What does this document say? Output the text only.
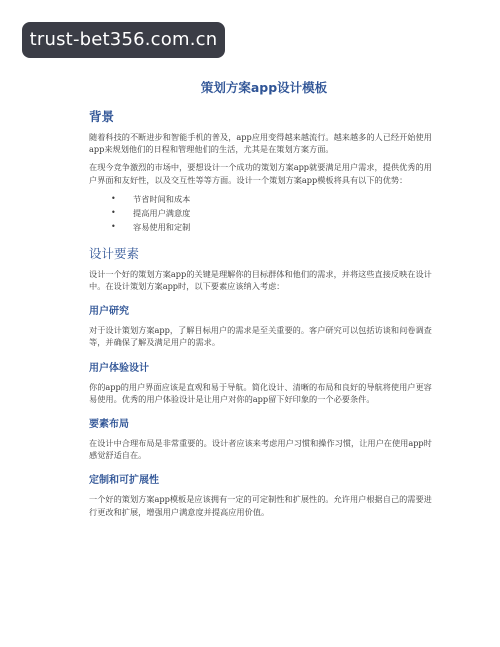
trust-bet356.com.cn
策划方案app设计模板
背景

随着科技的不断进步和智能手机的普及，app应用变得越来越流行。越来越多的人已经开始使用app来规划他们的日程和管理他们的生活，尤其是在策划方案方面。

在现今竞争激烈的市场中，要想设计一个成功的策划方案app就要满足用户需求，提供优秀的用户界面和友好性，以及交互性等等方面。设计一个策划方案app模板将具有以下的优势：

• 节省时间和成本
• 提高用户满意度
• 容易使用和定制
设计要素

设计一个好的策划方案app的关键是理解你的目标群体和他们的需求，并将这些直接反映在设计中。在设计策划方案app时，以下要素应该纳入考虑：

用户研究

对于设计策划方案app，了解目标用户的需求是至关重要的。客户研究可以包括访谈和问卷调查等，并确保了解及满足用户的需求。

用户体验设计

你的app的用户界面应该是直观和易于导航。简化设计、清晰的布局和良好的导航将使用户更容易使用。优秀的用户体验设计是让用户对你的app留下好印象的一个必要条件。

要素布局

在设计中合理布局是非常重要的。设计者应该来考虑用户习惯和操作习惯，让用户在使用app时感觉舒适自在。

定制和可扩展性

一个好的策划方案app模板是应该拥有一定的可定制性和扩展性的。允许用户根据自己的需要进行更改和扩展，增强用户满意度并提高应用价值。
